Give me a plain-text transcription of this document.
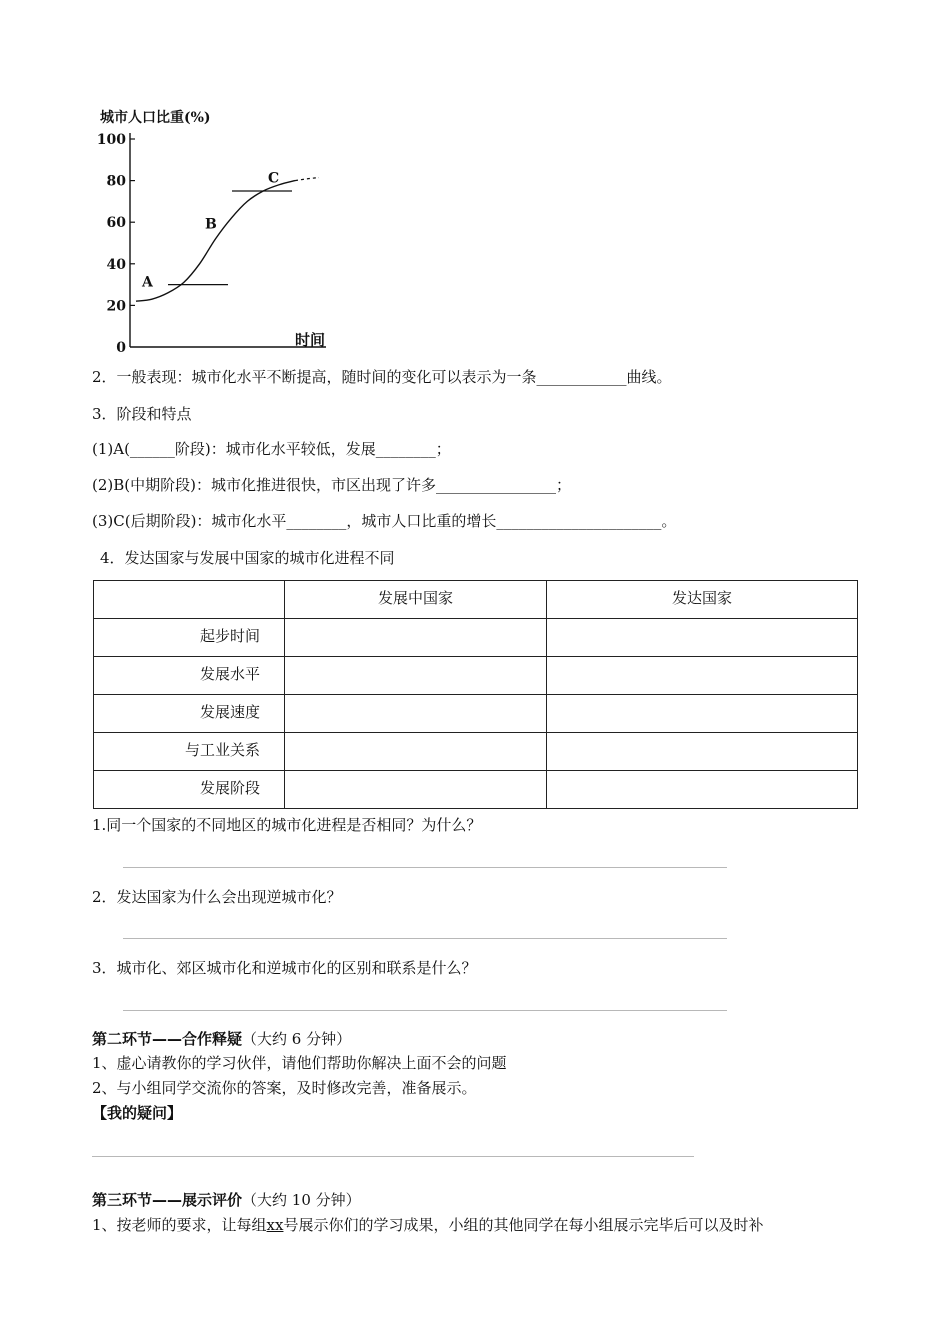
城市人口比重(%)
0
20
40
60
80
100
A
B
C
时间
2．一般表现：城市化水平不断提高，随时间的变化可以表示为一条____________曲线。
3．阶段和特点
(1)A(______阶段)：城市化水平较低，发展________；
(2)B(中期阶段)：城市化推进很快，市区出现了许多________________；
(3)C(后期阶段)：城市化水平________，城市人口比重的增长______________________。
4．发达国家与发展中国家的城市化进程不同
	发展中国家	发达国家
起步时间		
发展水平		
发展速度		
与工业关系		
发展阶段		
1.同一个国家的不同地区的城市化进程是否相同？为什么？
2．发达国家为什么会出现逆城市化？
3．城市化、郊区城市化和逆城市化的区别和联系是什么？
第二环节——合作释疑（大约 6 分钟）
1、虚心请教你的学习伙伴，请他们帮助你解决上面不会的问题
2、与小组同学交流你的答案，及时修改完善，准备展示。
【我的疑问】
第三环节——展示评价（大约 10 分钟）
1、按老师的要求，让每组xx号展示你们的学习成果，小组的其他同学在每小组展示完毕后可以及时补
